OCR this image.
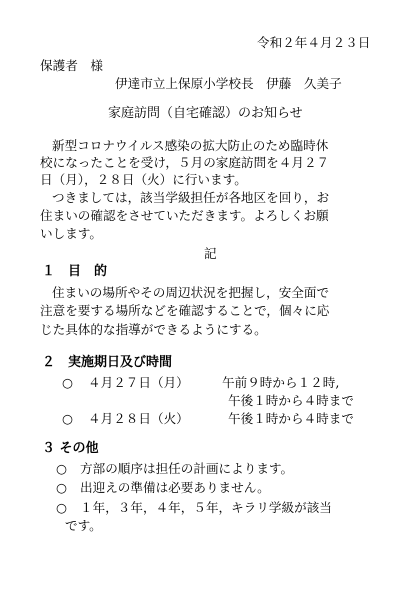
令和２年４月２３日
保護者　様
伊達市立上保原小学校長　伊藤　久美子
家庭訪問（自宅確認）のお知らせ
新型コロナウイルス感染の拡大防止のため臨時休
校になったことを受け，５月の家庭訪問を４月２７
日（月），２８日（火）に行います。
つきましては，該当学級担任が各地区を回り，お
住まいの確認をさせていただきます。よろしくお願
いします。
記
１　目　的
住まいの場所やその周辺状況を把握し，安全面で
注意を要する場所などを確認することで，個々に応
じた具体的な指導ができるようにする。
２　実施期日及び時間
○ ４月２７日（月）	午前９時から１２時,
午後１時から４時まで
○ ４月２８日（火）	午後１時から４時まで
３ その他
○ 方部の順序は担任の計画によります。
○ 出迎えの準備は必要ありません。
○ １年，３年，４年，５年，キラリ学級が該当
です。
